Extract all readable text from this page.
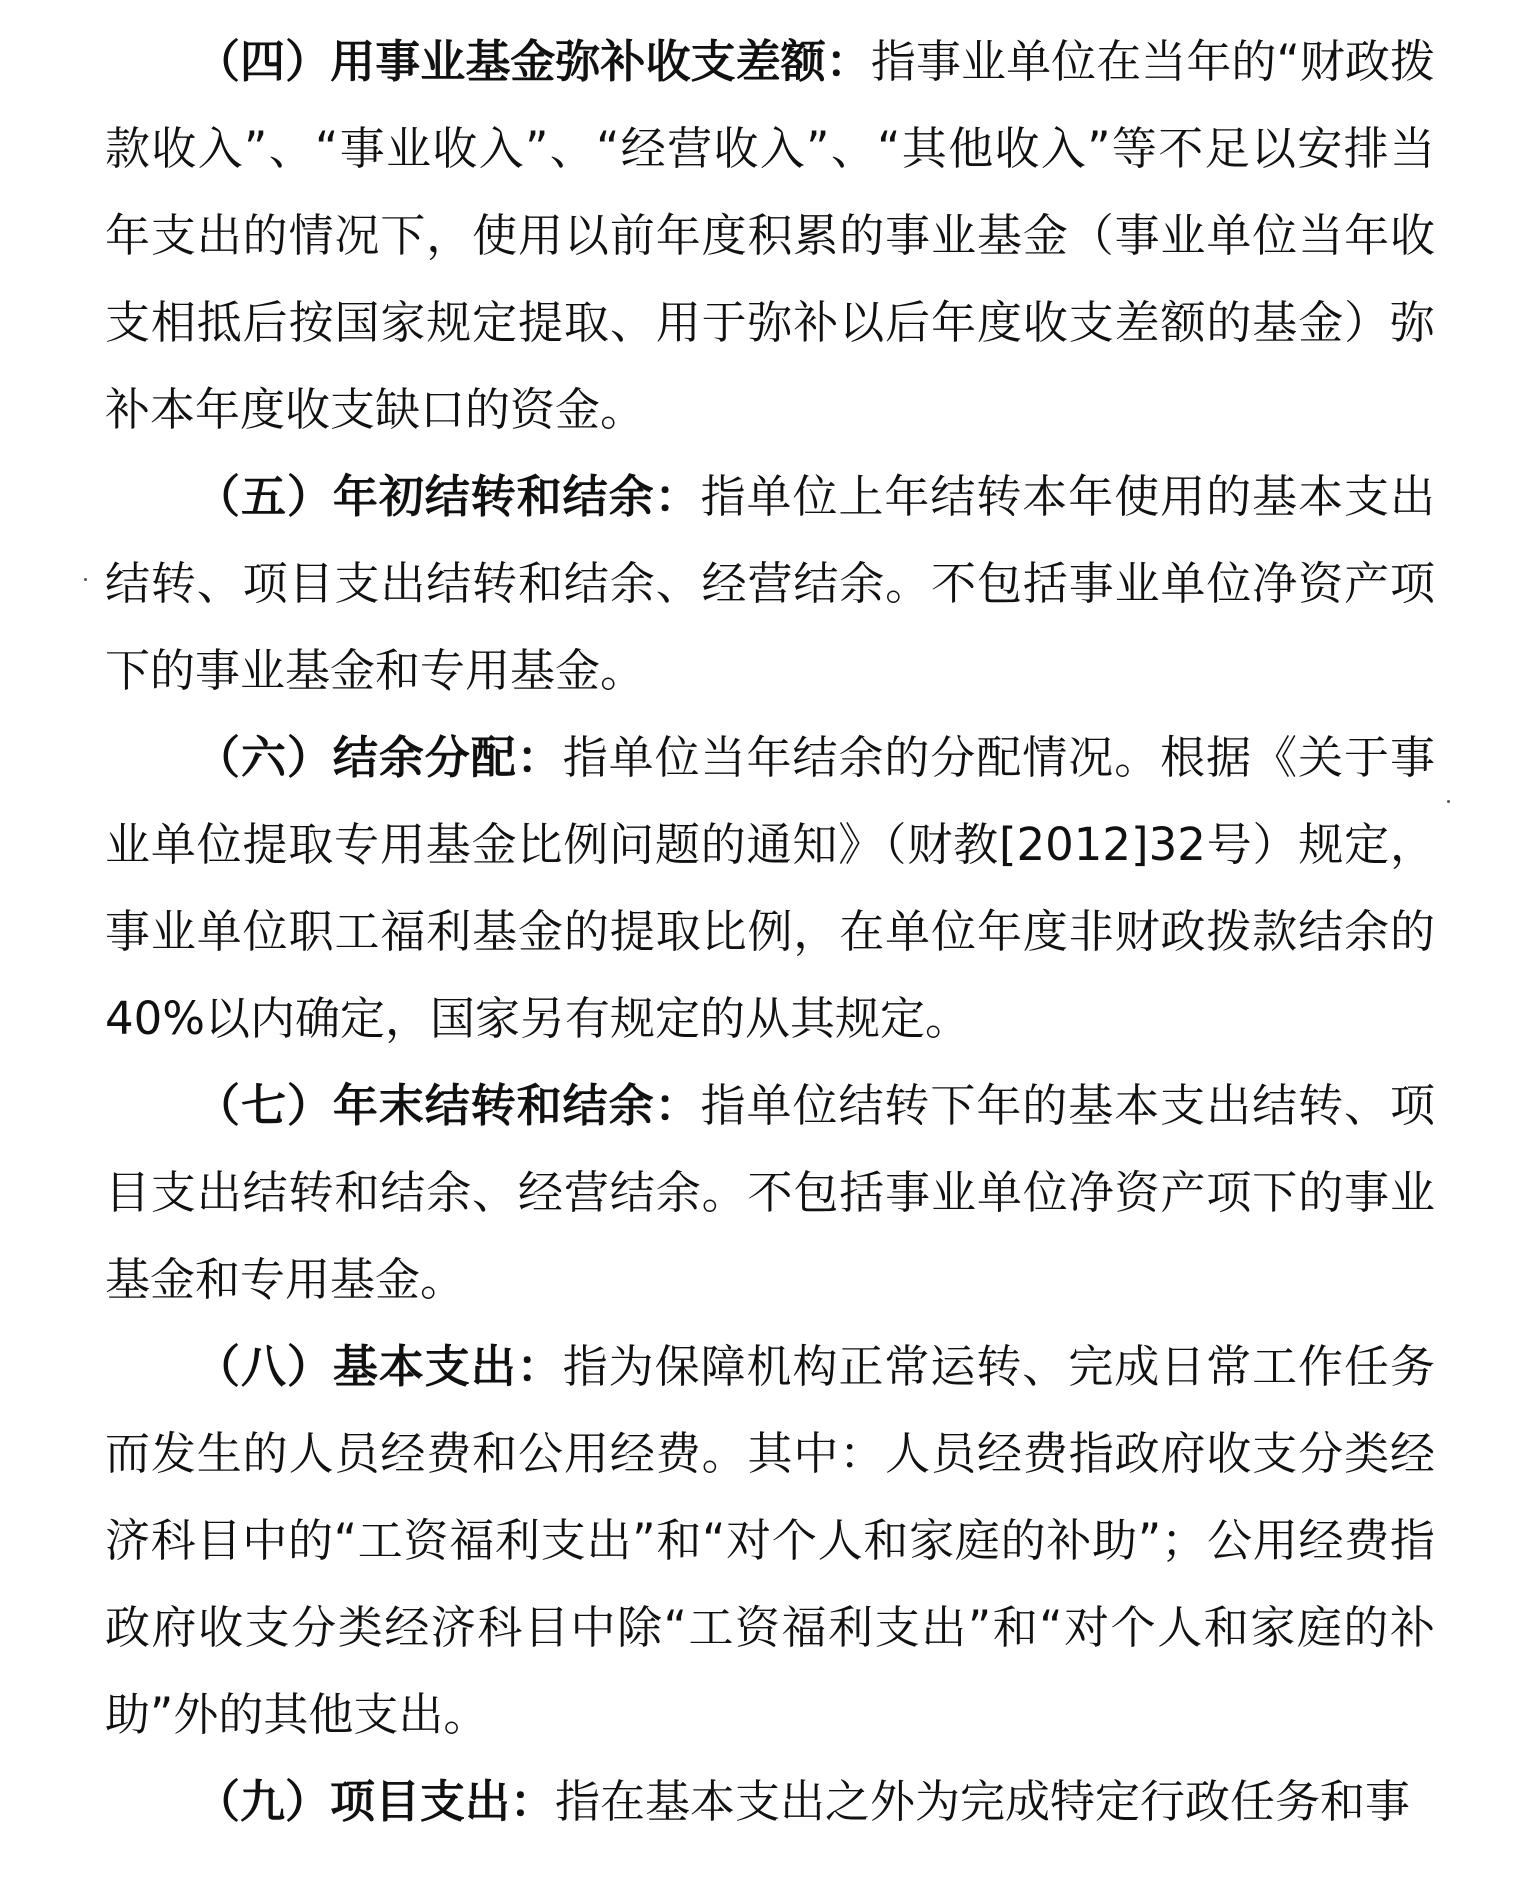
（四）用事业基金弥补收支差额：指事业单位在当年的“财政拨款收入”、“事业收入”、“经营收入”、“其他收入”等不足以安排当年支出的情况下，使用以前年度积累的事业基金（事业单位当年收支相抵后按国家规定提取、用于弥补以后年度收支差额的基金）弥补本年度收支缺口的资金。

（五）年初结转和结余：指单位上年结转本年使用的基本支出结转、项目支出结转和结余、经营结余。不包括事业单位净资产项下的事业基金和专用基金。

（六）结余分配：指单位当年结余的分配情况。根据《关于事业单位提取专用基金比例问题的通知》（财教[2012]32号）规定，事业单位职工福利基金的提取比例，在单位年度非财政拨款结余的40%以内确定，国家另有规定的从其规定。

（七）年末结转和结余：指单位结转下年的基本支出结转、项目支出结转和结余、经营结余。不包括事业单位净资产项下的事业基金和专用基金。

（八）基本支出：指为保障机构正常运转、完成日常工作任务而发生的人员经费和公用经费。其中：人员经费指政府收支分类经济科目中的“工资福利支出”和“对个人和家庭的补助”；公用经费指政府收支分类经济科目中除“工资福利支出”和“对个人和家庭的补助”外的其他支出。

（九）项目支出：指在基本支出之外为完成特定行政任务和事
